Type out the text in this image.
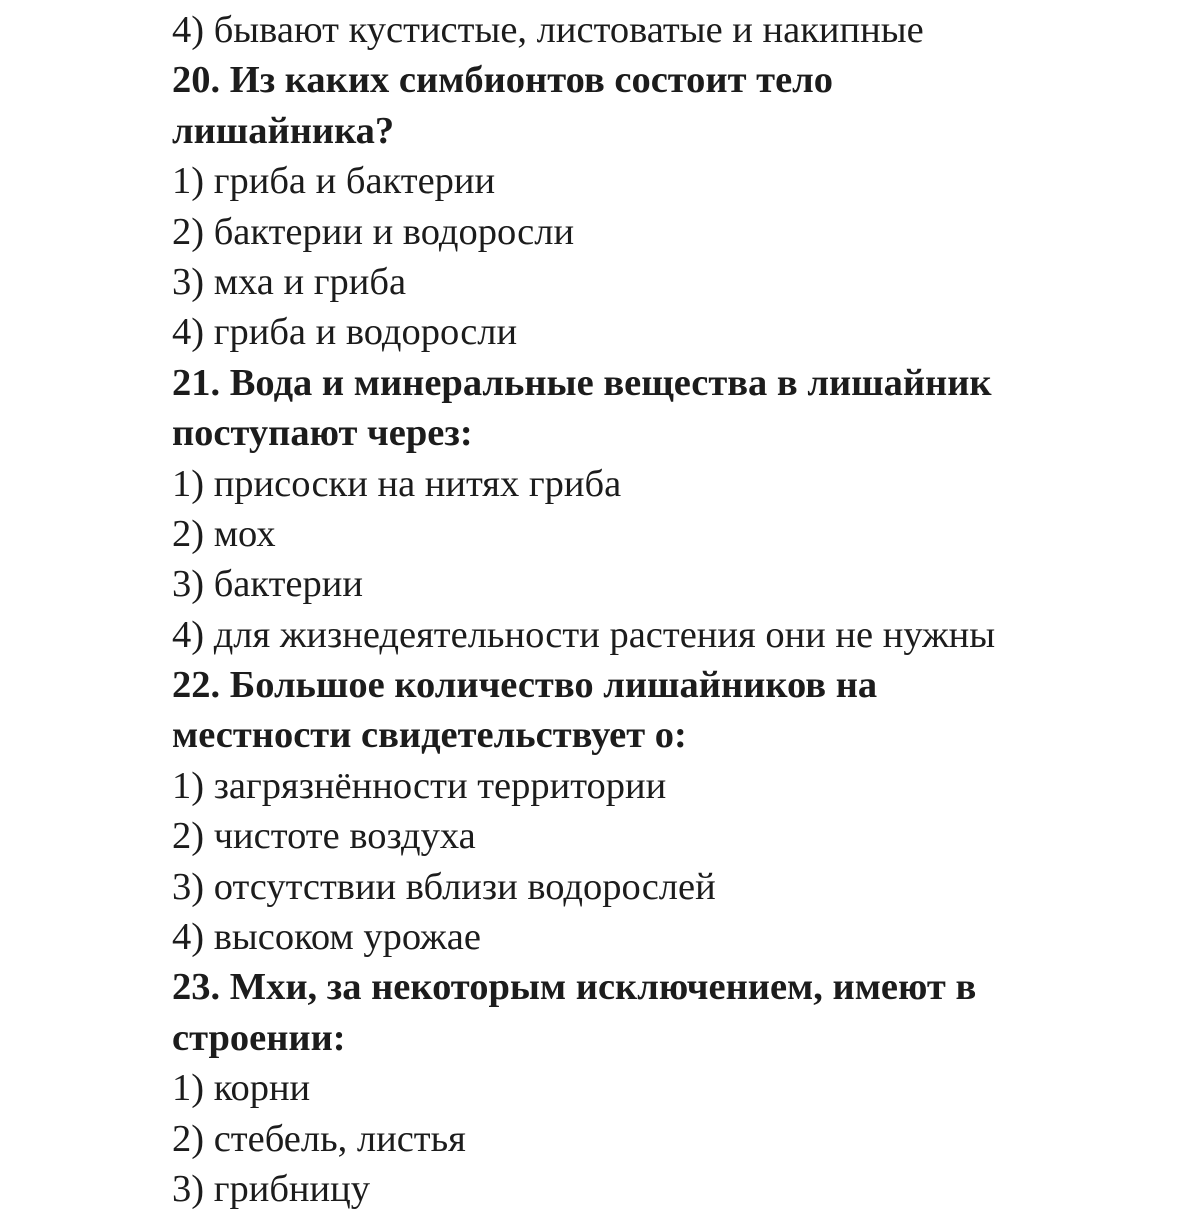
4) бывают кустистые, листоватые и накипные
20. Из каких симбионтов состоит тело
лишайника?
1) гриба и бактерии
2) бактерии и водоросли
3) мха и гриба
4) гриба и водоросли
21. Вода и минеральные вещества в лишайник
поступают через:
1) присоски на нитях гриба
2) мох
3) бактерии
4) для жизнедеятельности растения они не нужны
22. Большое количество лишайников на
местности свидетельствует о:
1) загрязнённости территории
2) чистоте воздуха
3) отсутствии вблизи водорослей
4) высоком урожае
23. Мхи, за некоторым исключением, имеют в
строении:
1) корни
2) стебель, листья
3) грибницу
